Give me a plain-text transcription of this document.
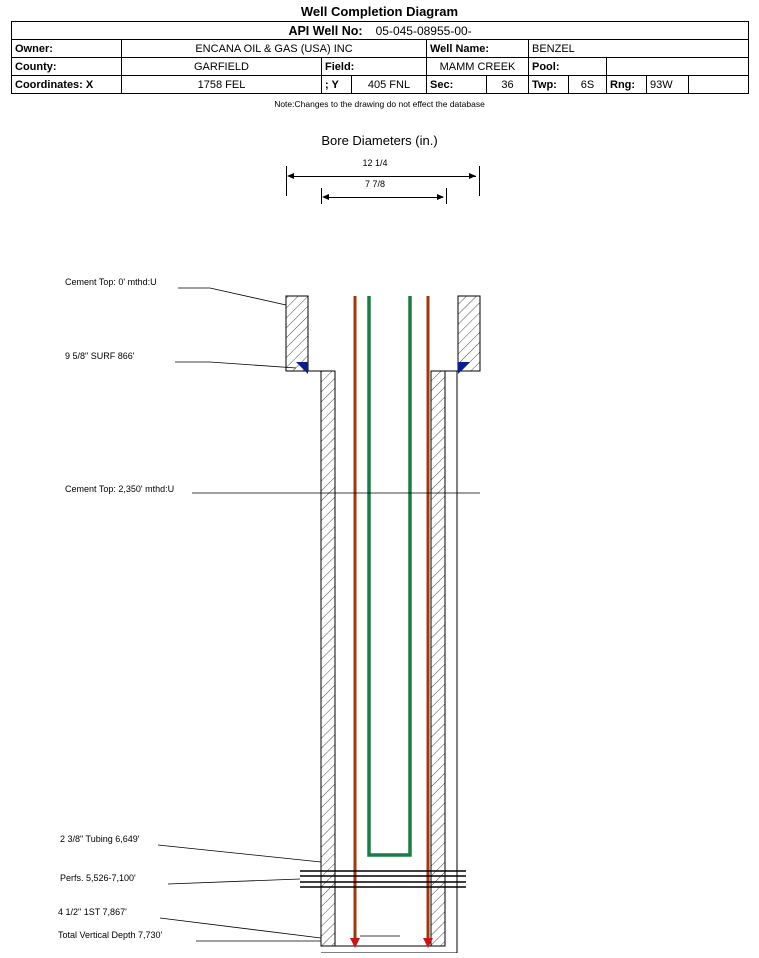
Well Completion Diagram
API Well No: 05-045-08955-00-										
Owner:	ENCANA OIL & GAS (USA) INC			Well Name:		BENZEL				
County:	GARFIELD	Field:		MAMM CREEK		Pool:				
Coordinates: X	1758 FEL	; Y	405 FNL	Sec:	36	Twp:	6S	Rng:	93W	
Note:Changes to the drawing do not effect the database
Bore Diameters (in.)
12 1/4
7 7/8
Cement Top: 0' mthd:U
9 5/8" SURF 866'
Cement Top: 2,350' mthd:U
2 3/8" Tubing 6,649'
Perfs. 5,526-7,100'
4 1/2" 1ST 7,867'
Total Vertical Depth 7,730'
